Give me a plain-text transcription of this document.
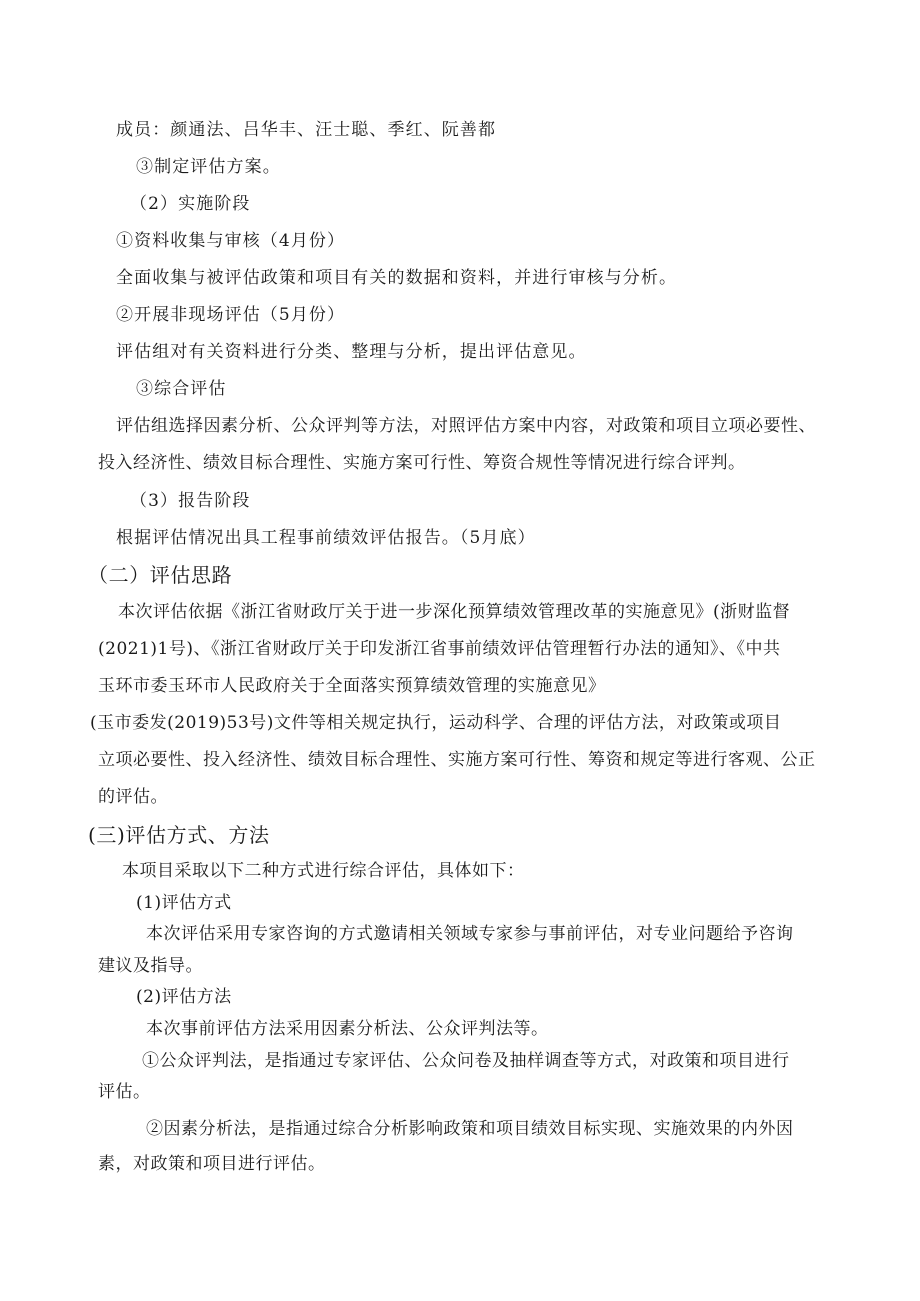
成员：颜通法、吕华丰、汪士聪、季红、阮善都
③制定评估方案。
（2）实施阶段
①资料收集与审核（4月份）
全面收集与被评估政策和项目有关的数据和资料，并进行审核与分析。
②开展非现场评估（5月份）
评估组对有关资料进行分类、整理与分析，提出评估意见。
③综合评估
评估组选择因素分析、公众评判等方法，对照评估方案中内容，对政策和项目立项必要性、
投入经济性、绩效目标合理性、实施方案可行性、筹资合规性等情况进行综合评判。
（3）报告阶段
根据评估情况出具工程事前绩效评估报告。（5月底）
（二）评估思路
本次评估依据《浙江省财政厅关于进一步深化预算绩效管理改革的实施意见》(浙财监督
(2021)1号)、《浙江省财政厅关于印发浙江省事前绩效评估管理暂行办法的通知》、《中共
玉环市委玉环市人民政府关于全面落实预算绩效管理的实施意见》
(玉市委发(2019)53号)文件等相关规定执行，运动科学、合理的评估方法，对政策或项目
立项必要性、投入经济性、绩效目标合理性、实施方案可行性、筹资和规定等进行客观、公正
的评估。
(三)评估方式、方法
本项目采取以下二种方式进行综合评估，具体如下：
(1)评估方式
本次评估采用专家咨询的方式邀请相关领域专家参与事前评估，对专业问题给予咨询
建议及指导。
(2)评估方法
本次事前评估方法采用因素分析法、公众评判法等。
①公众评判法，是指通过专家评估、公众问卷及抽样调查等方式，对政策和项目进行
评估。
②因素分析法，是指通过综合分析影响政策和项目绩效目标实现、实施效果的内外因
素，对政策和项目进行评估。
